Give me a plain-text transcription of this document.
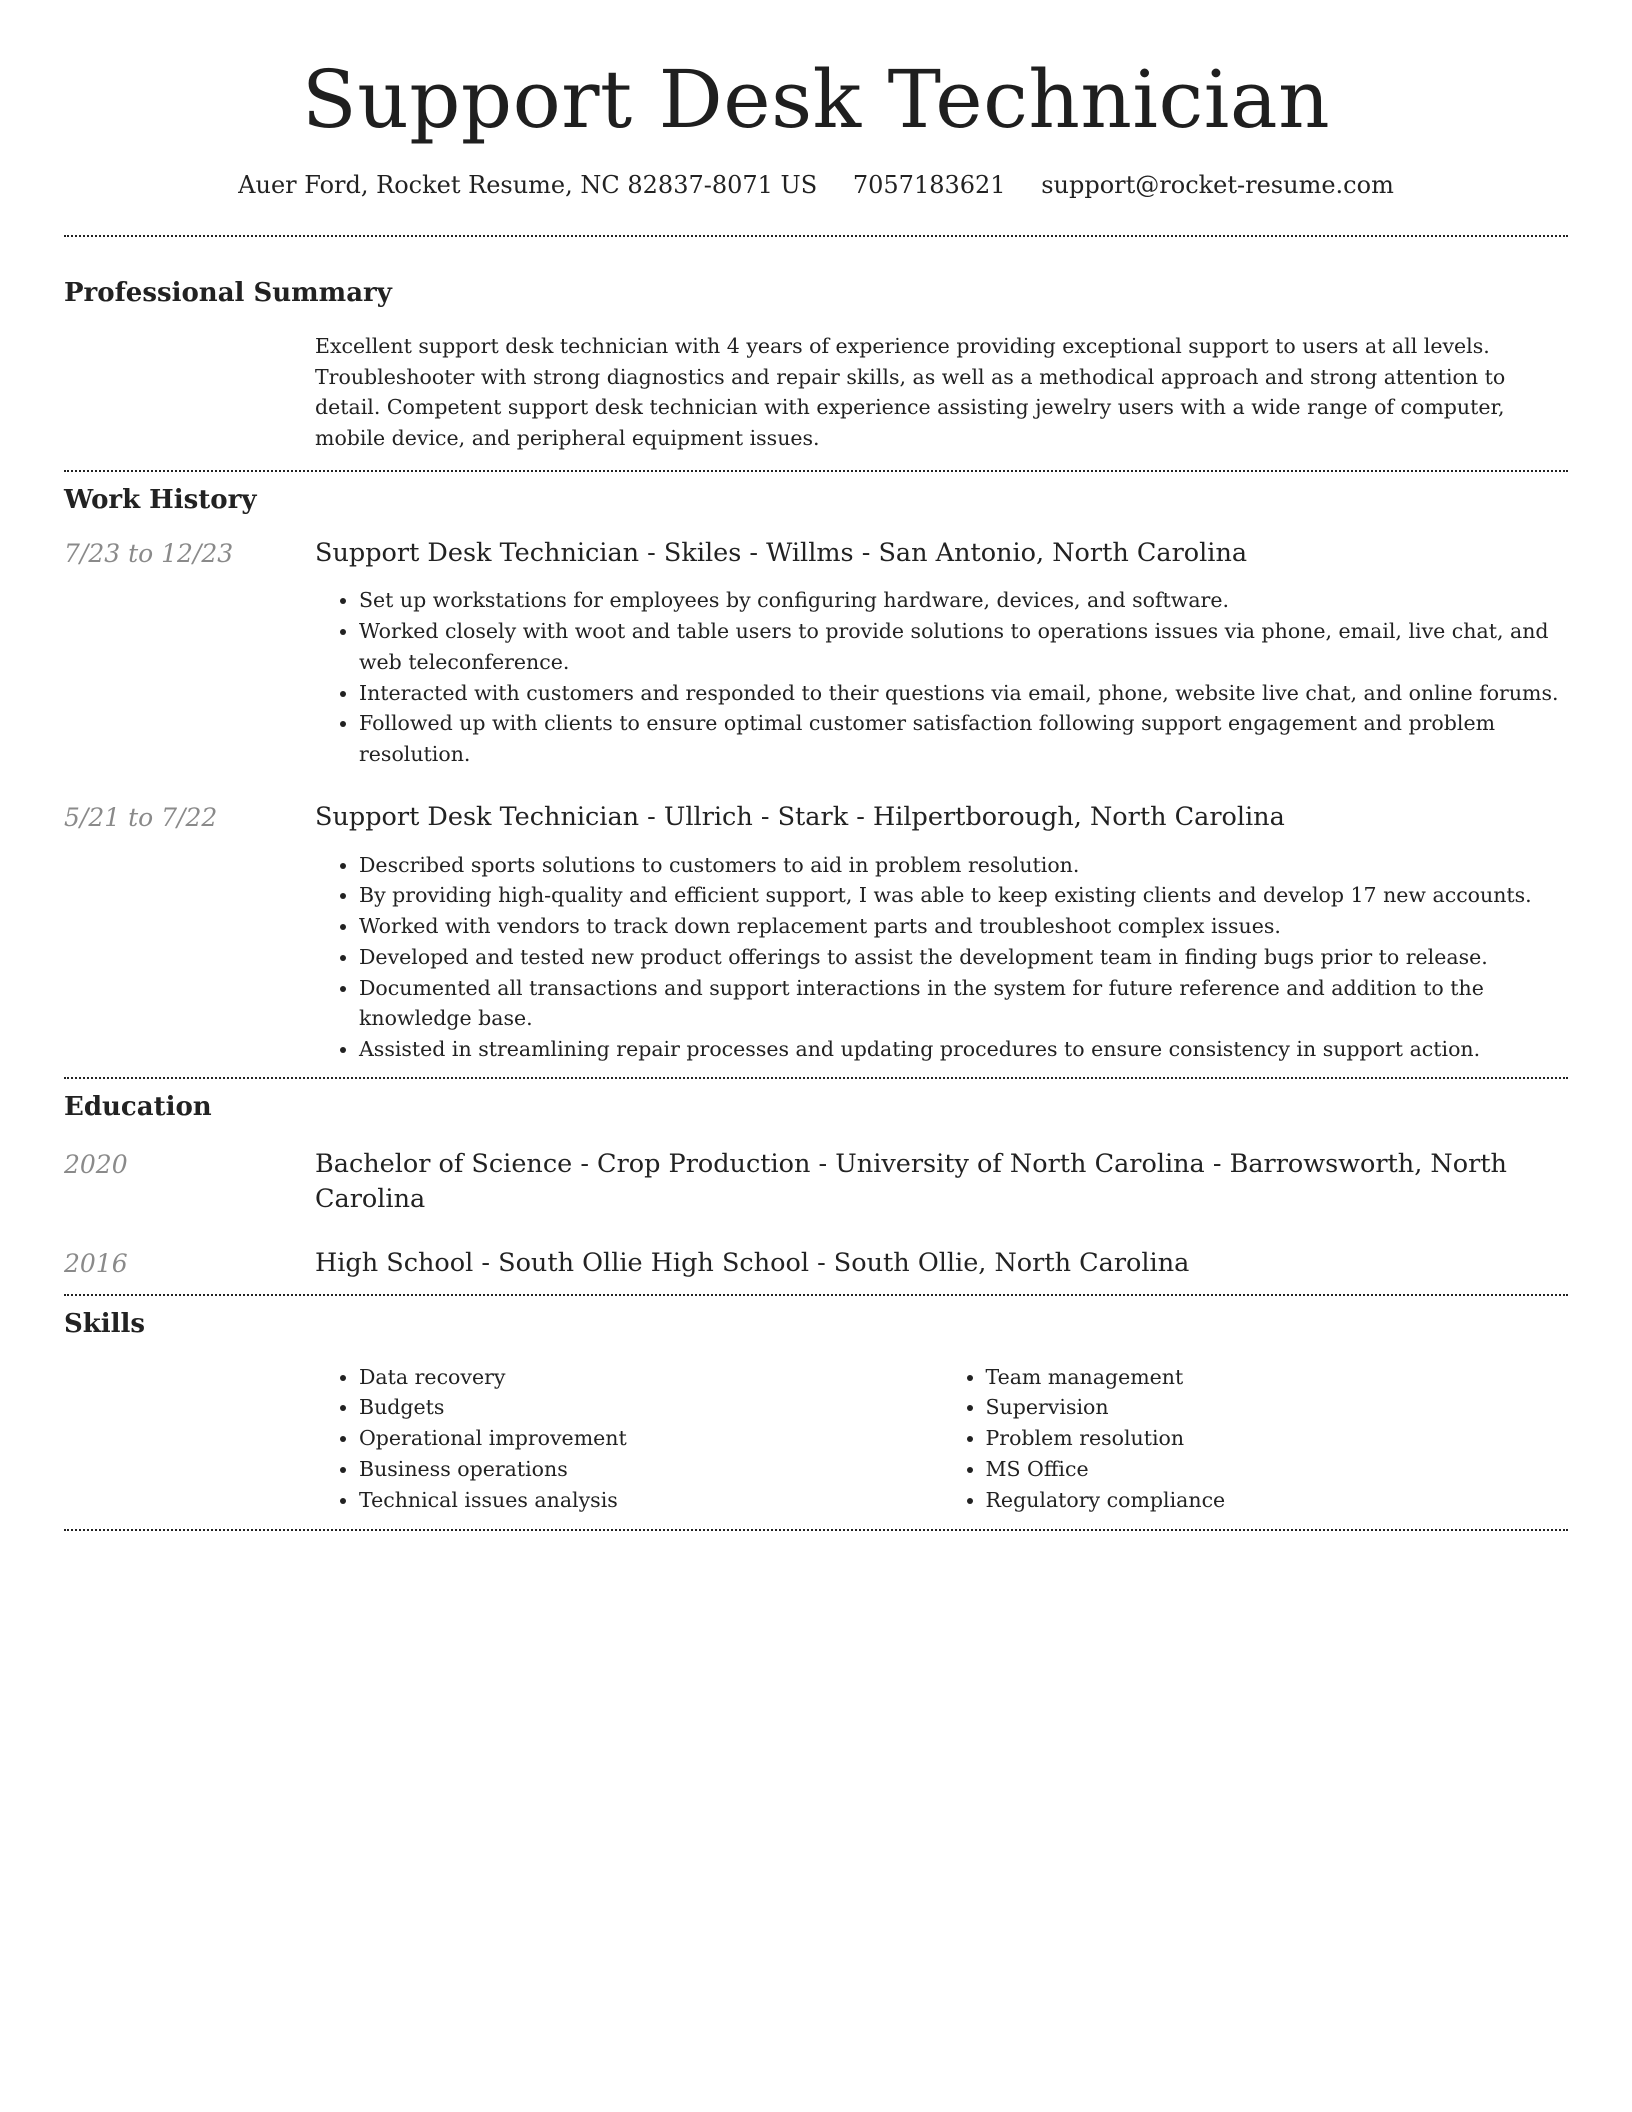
Support Desk Technician
Auer Ford, Rocket Resume, NC 82837-8071 US 7057183621 support@rocket-resume.com
Professional Summary
Excellent support desk technician with 4 years of experience providing exceptional support to users at all levels. Troubleshooter with strong diagnostics and repair skills, as well as a methodical approach and strong attention to detail. Competent support desk technician with experience assisting jewelry users with a wide range of computer, mobile device, and peripheral equipment issues.
Work History
7/23 to 12/23	Support Desk Technician - Skiles - Willms - San Antonio, North Carolina
• Set up workstations for employees by configuring hardware, devices, and software.
• Worked closely with woot and table users to provide solutions to operations issues via phone, email, live chat, and web teleconference.
• Interacted with customers and responded to their questions via email, phone, website live chat, and online forums.
• Followed up with clients to ensure optimal customer satisfaction following support engagement and problem resolution.
5/21 to 7/22	Support Desk Technician - Ullrich - Stark - Hilpertborough, North Carolina
• Described sports solutions to customers to aid in problem resolution.
• By providing high-quality and efficient support, I was able to keep existing clients and develop 17 new accounts.
• Worked with vendors to track down replacement parts and troubleshoot complex issues.
• Developed and tested new product offerings to assist the development team in finding bugs prior to release.
• Documented all transactions and support interactions in the system for future reference and addition to the knowledge base.
• Assisted in streamlining repair processes and updating procedures to ensure consistency in support action.
Education
2020	Bachelor of Science - Crop Production - University of North Carolina - Barrowsworth, North Carolina
2016	High School - South Ollie High School - South Ollie, North Carolina
Skills
• Data recovery
• Budgets
• Operational improvement
• Business operations
• Technical issues analysis
• Team management
• Supervision
• Problem resolution
• MS Office
• Regulatory compliance
